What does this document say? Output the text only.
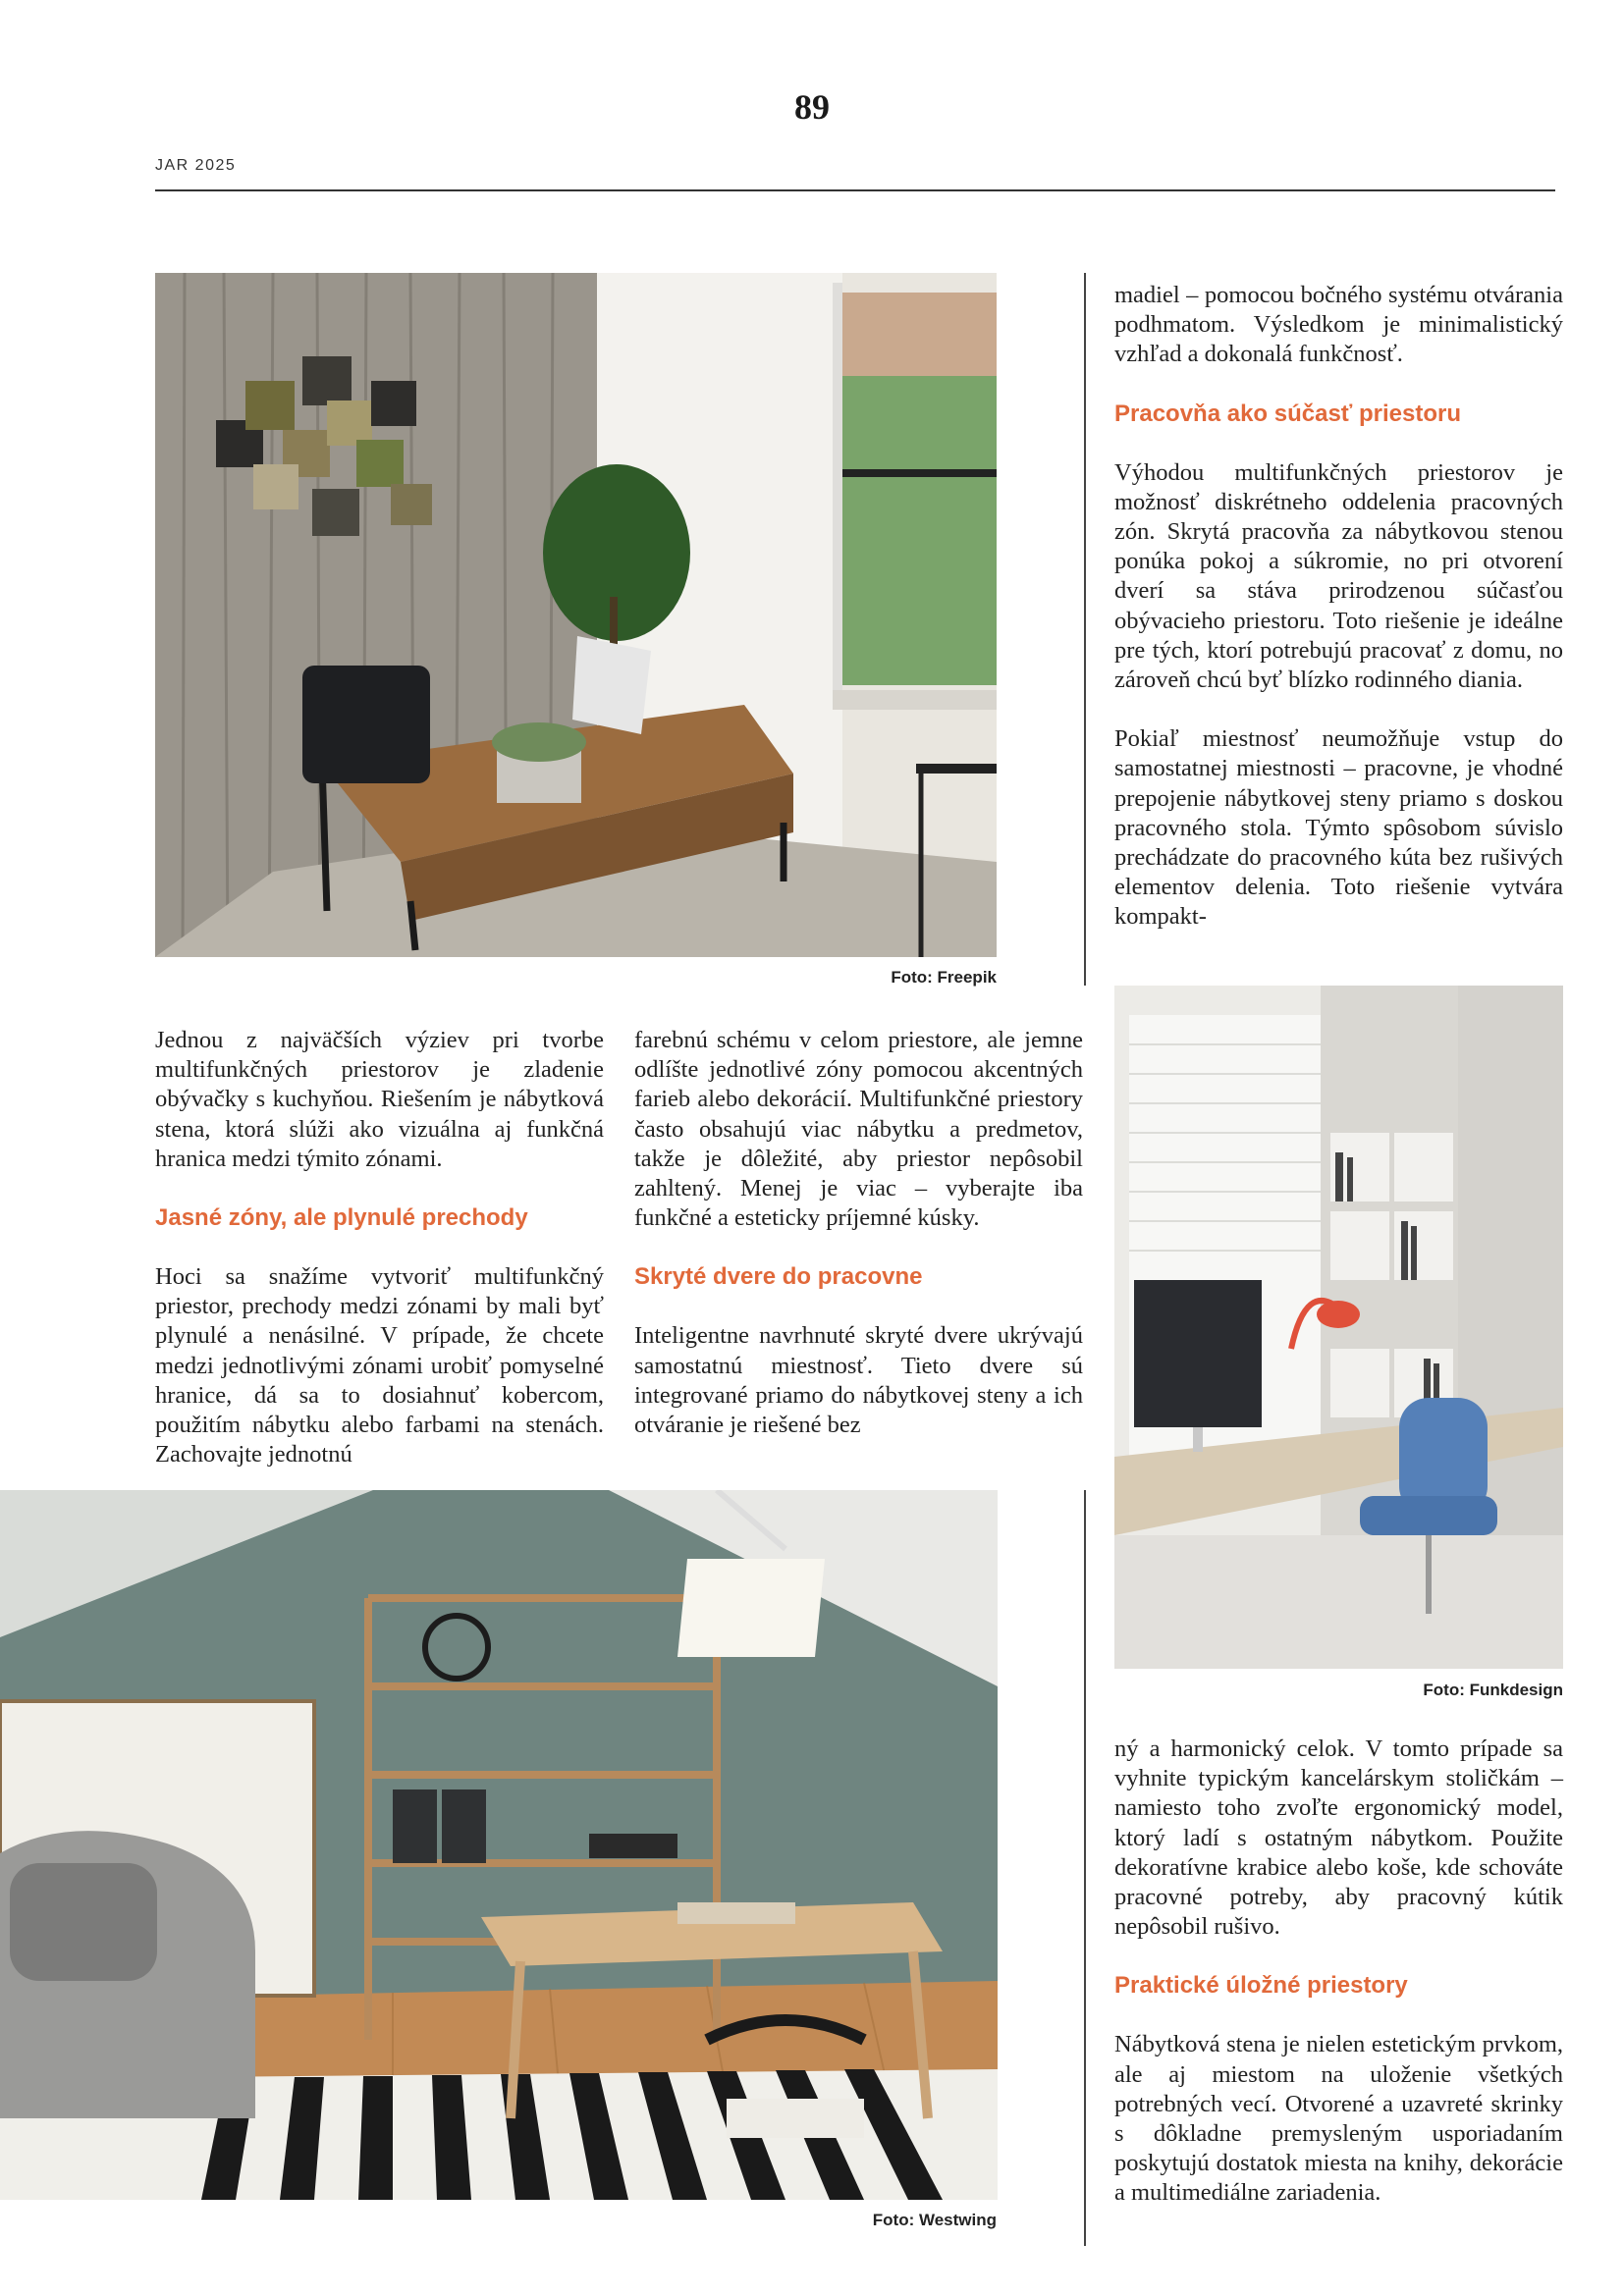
89
JAR 2025
Foto: Freepik

madiel – pomocou bočného systému otvárania podhmatom. Výsledkom je minimalistický vzhľad a dokonalá funkčnosť.

Pracovňa ako súčasť priestoru

Výhodou multifunkčných priestorov je možnosť diskrétneho oddelenia pracovných zón. Skrytá pracovňa za nábytkovou stenou ponúka pokoj a súkromie, no pri otvorení dverí sa stáva prirodzenou súčasťou obývacieho priestoru. Toto riešenie je ideálne pre tých, ktorí potrebujú pracovať z domu, no zároveň chcú byť blízko rodinného diania.

Pokiaľ miestnosť neumožňuje vstup do samostatnej miestnosti – pracovne, je vhodné prepojenie nábytkovej steny priamo s doskou pracovného stola. Týmto spôsobom súvislo prechádzate do pracovného kúta bez rušivých elementov delenia. Toto riešenie vytvára kompakt-

Foto: Funkdesign

Jednou z najväčších výziev pri tvorbe multifunkčných priestorov je zladenie obývačky s kuchyňou. Riešením je nábytková stena, ktorá slúži ako vizuálna aj funkčná hranica medzi týmito zónami.

Jasné zóny, ale plynulé prechody

Hoci sa snažíme vytvoriť multifunkčný priestor, prechody medzi zónami by mali byť plynulé a nenásilné. V prípade, že chcete medzi jednotlivými zónami urobiť pomyselné hranice, dá sa to dosiahnuť kobercom, použitím nábytku alebo farbami na stenách. Zachovajte jednotnú

farebnú schému v celom priestore, ale jemne odlíšte jednotlivé zóny pomocou akcentných farieb alebo dekorácií. Multifunkčné priestory často obsahujú viac nábytku a predmetov, takže je dôležité, aby priestor nepôsobil zahltený. Menej je viac – vyberajte iba funkčné a esteticky príjemné kúsky.

Skryté dvere do pracovne

Inteligentne navrhnuté skryté dvere ukrývajú samostatnú miestnosť. Tieto dvere sú integrované priamo do nábytkovej steny a ich otváranie je riešené bez

Foto: Westwing

ný a harmonický celok. V tomto prípade sa vyhnite typickým kancelárskym stoličkám – namiesto toho zvoľte ergonomický model, ktorý ladí s ostatným nábytkom. Použite dekoratívne krabice alebo koše, kde schováte pracovné potreby, aby pracovný kútik nepôsobil rušivo.

Praktické úložné priestory

Nábytková stena je nielen estetickým prvkom, ale aj miestom na uloženie všetkých potrebných vecí. Otvorené a uzavreté skrinky s dôkladne premysleným usporiadaním poskytujú dostatok miesta na knihy, dekorácie a multimediálne zariadenia.
